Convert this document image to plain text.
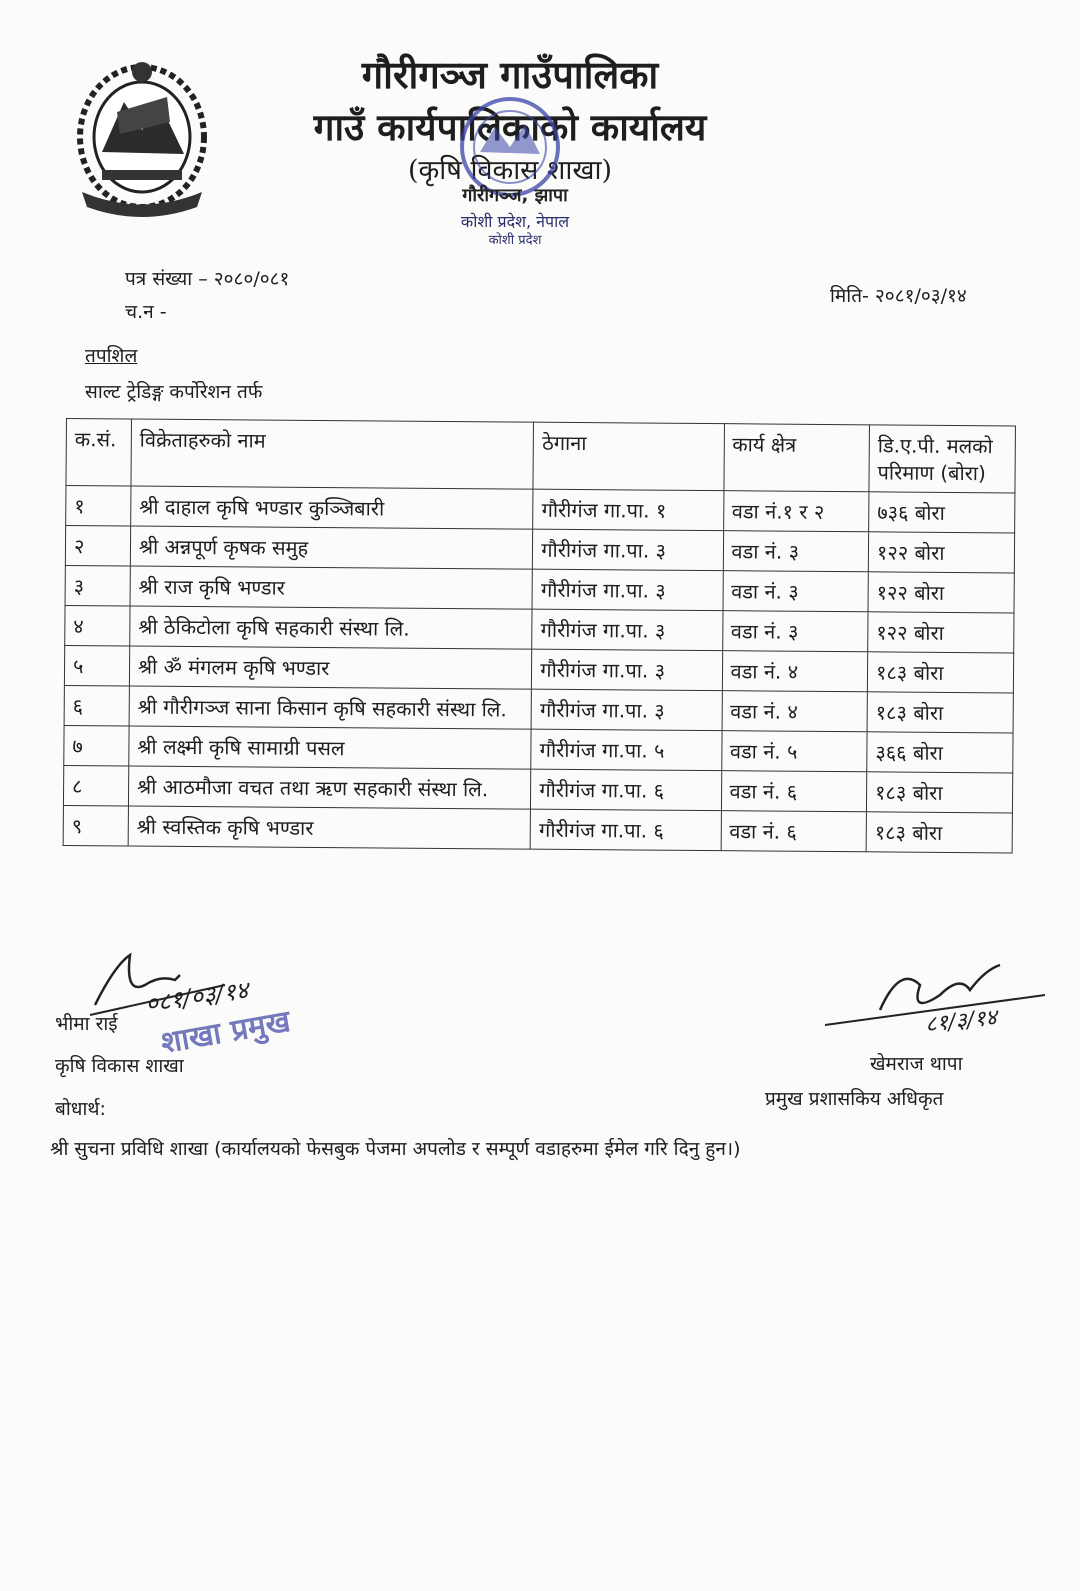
गौरीगञ्ज गाउँपालिका
गाउँ कार्यपालिकाको कार्यालय
(कृषि विकास शाखा)
गौरीगञ्ज, झापा
कोशी प्रदेश, नेपाल
कोशी प्रदेश
पत्र संख्या – २०८०/०८१
च.न -
मिति- २०८१/०३/१४
तपशिल
साल्ट ट्रेडिङ्ग कर्पोरेशन तर्फ
क.सं.	विक्रेताहरुको नाम	ठेगाना	कार्य क्षेत्र	डि.ए.पी. मलको परिमाण (बोरा)
१	श्री दाहाल कृषि भण्डार कुञ्जिबारी	गौरीगंज गा.पा. १	वडा नं.१ र २	७३६ बोरा
२	श्री अन्नपूर्ण कृषक समुह	गौरीगंज गा.पा. ३	वडा नं. ३	१२२ बोरा
३	श्री राज कृषि भण्डार	गौरीगंज गा.पा. ३	वडा नं. ३	१२२ बोरा
४	श्री ठेकिटोला कृषि सहकारी संस्था लि.	गौरीगंज गा.पा. ३	वडा नं. ३	१२२ बोरा
५	श्री ॐ मंगलम कृषि भण्डार	गौरीगंज गा.पा. ३	वडा नं. ४	१८३ बोरा
६	श्री गौरीगञ्ज साना किसान कृषि सहकारी संस्था लि.	गौरीगंज गा.पा. ३	वडा नं. ४	१८३ बोरा
७	श्री लक्ष्मी कृषि सामाग्री पसल	गौरीगंज गा.पा. ५	वडा नं. ५	३६६ बोरा
८	श्री आठमौजा वचत तथा ऋण सहकारी संस्था लि.	गौरीगंज गा.पा. ६	वडा नं. ६	१८३ बोरा
९	श्री स्वस्तिक कृषि भण्डार	गौरीगंज गा.पा. ६	वडा नं. ६	१८३ बोरा
०८१/०३/१४
शाखा प्रमुख
भीमा राई
कृषि विकास शाखा
८१/३/१४
खेमराज थापा
प्रमुख प्रशासकिय अधिकृत
बोधार्थ:
श्री सुचना प्रविधि शाखा (कार्यालयको फेसबुक पेजमा अपलोड र सम्पूर्ण वडाहरुमा ईमेल गरि दिनु हुन।)
